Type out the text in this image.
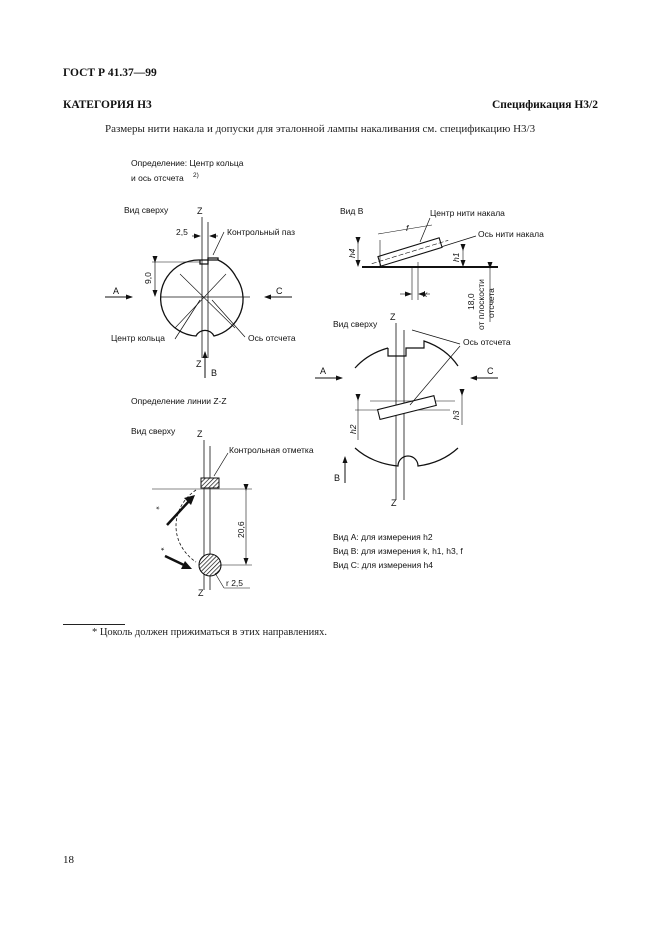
ГОСТ Р 41.37—99
КАТЕГОРИЯ H3	Спецификация H3/2
Размеры нити накала и допуски для эталонной лампы накаливания см. спецификацию H3/3
Определение: Центр кольца
и ось отсчета 2)
Вид сверху	Z
2,5	Контрольный паз
9,0
A	C
Центр кольца	Ось отсчета
Z
B
Вид B	Центр нити накала
Ось нити накала
f
h4	h1
k	18,0 от плоскости отсчета
Вид сверху
Z
Ось отсчета
A	C
h2
h3
B
Z
Определение линии Z-Z
Вид сверху Z
Контрольная отметка
20,6
r 2,5
*
*
Z
Вид A: для измерения h2
Вид B: для измерения k, h1, h3, f
Вид C: для измерения h4
* Цоколь должен прижиматься в этих направлениях.
18
